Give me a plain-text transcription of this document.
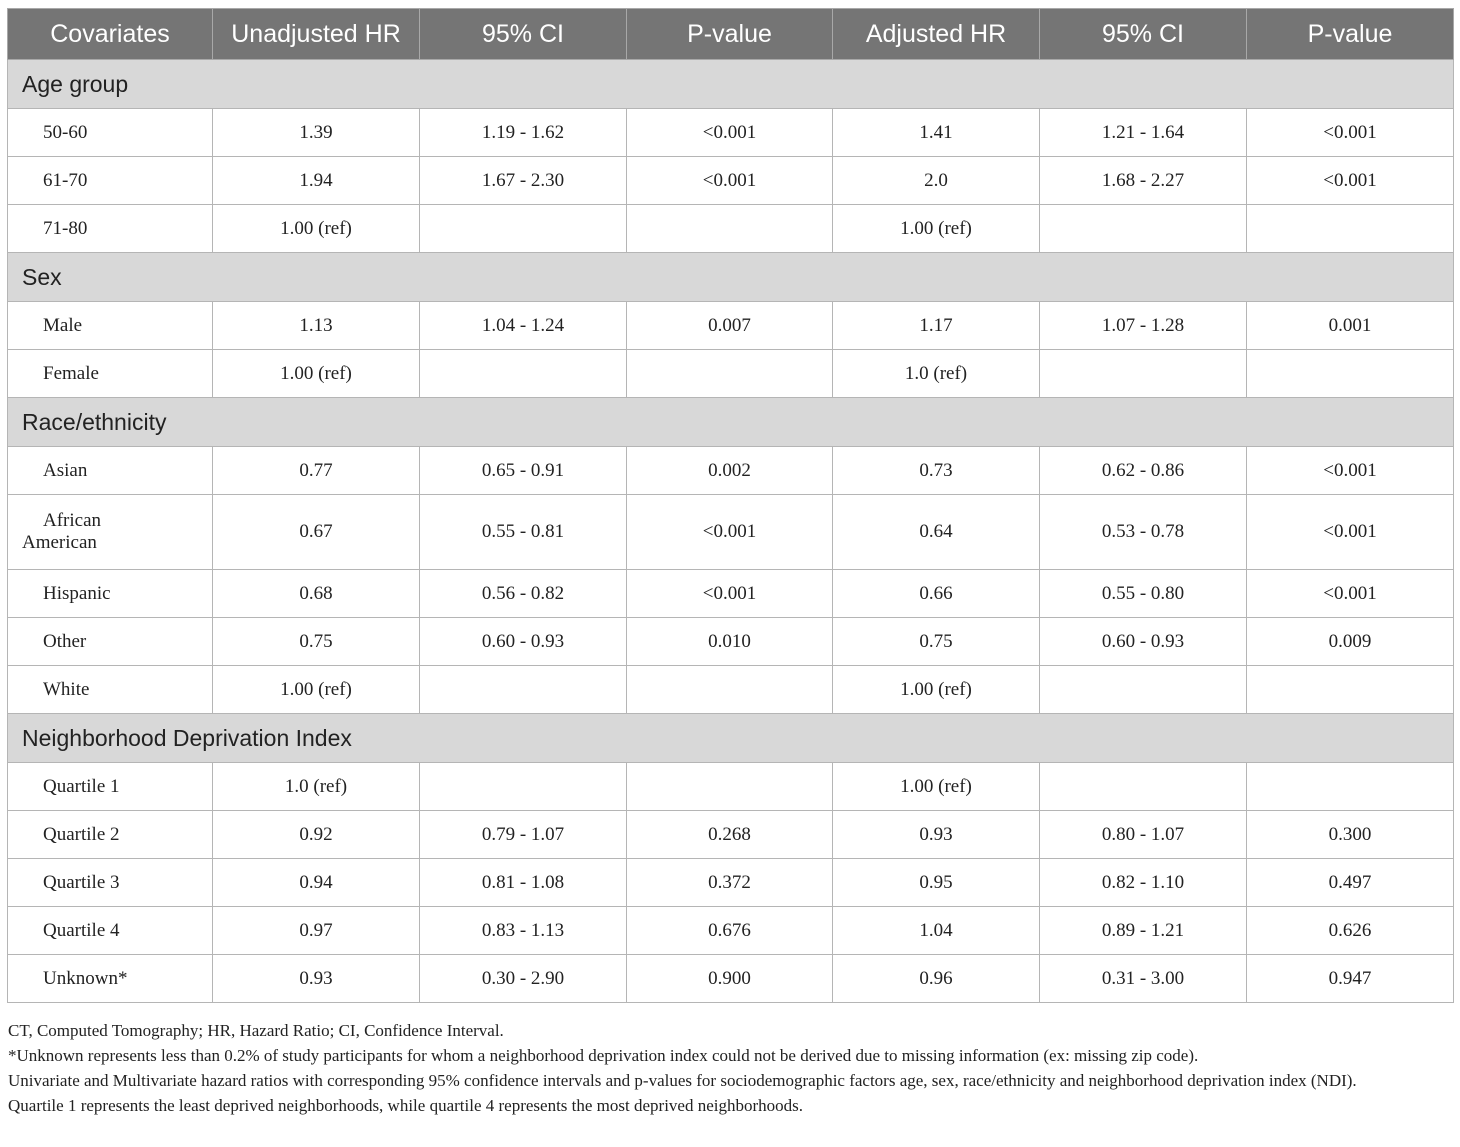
Covariates	Unadjusted HR	95% CI	P-value	Adjusted HR	95% CI	P-value
Age group						
50-60	1.39	1.19 - 1.62	<0.001	1.41	1.21 - 1.64	<0.001
61-70	1.94	1.67 - 2.30	<0.001	2.0	1.68 - 2.27	<0.001
71-80	1.00 (ref)			1.00 (ref)		
Sex						
Male	1.13	1.04 - 1.24	0.007	1.17	1.07 - 1.28	0.001
Female	1.00 (ref)			1.0 (ref)		
Race/ethnicity						
Asian	0.77	0.65 - 0.91	0.002	0.73	0.62 - 0.86	<0.001

African
American	0.67	0.55 - 0.81	<0.001	0.64	0.53 - 0.78	<0.001
Hispanic	0.68	0.56 - 0.82	<0.001	0.66	0.55 - 0.80	<0.001
Other	0.75	0.60 - 0.93	0.010	0.75	0.60 - 0.93	0.009
White	1.00 (ref)			1.00 (ref)		
Neighborhood Deprivation Index						
Quartile 1	1.0 (ref)			1.00 (ref)		
Quartile 2	0.92	0.79 - 1.07	0.268	0.93	0.80 - 1.07	0.300
Quartile 3	0.94	0.81 - 1.08	0.372	0.95	0.82 - 1.10	0.497
Quartile 4	0.97	0.83 - 1.13	0.676	1.04	0.89 - 1.21	0.626
Unknown*	0.93	0.30 - 2.90	0.900	0.96	0.31 - 3.00	0.947

CT, Computed Tomography; HR, Hazard Ratio; CI, Confidence Interval.

*Unknown represents less than 0.2% of study participants for whom a neighborhood deprivation index could not be derived due to missing information (ex: missing zip code).

Univariate and Multivariate hazard ratios with corresponding 95% confidence intervals and p-values for sociodemographic factors age, sex, race/ethnicity and neighborhood deprivation index (NDI).

Quartile 1 represents the least deprived neighborhoods, while quartile 4 represents the most deprived neighborhoods.
